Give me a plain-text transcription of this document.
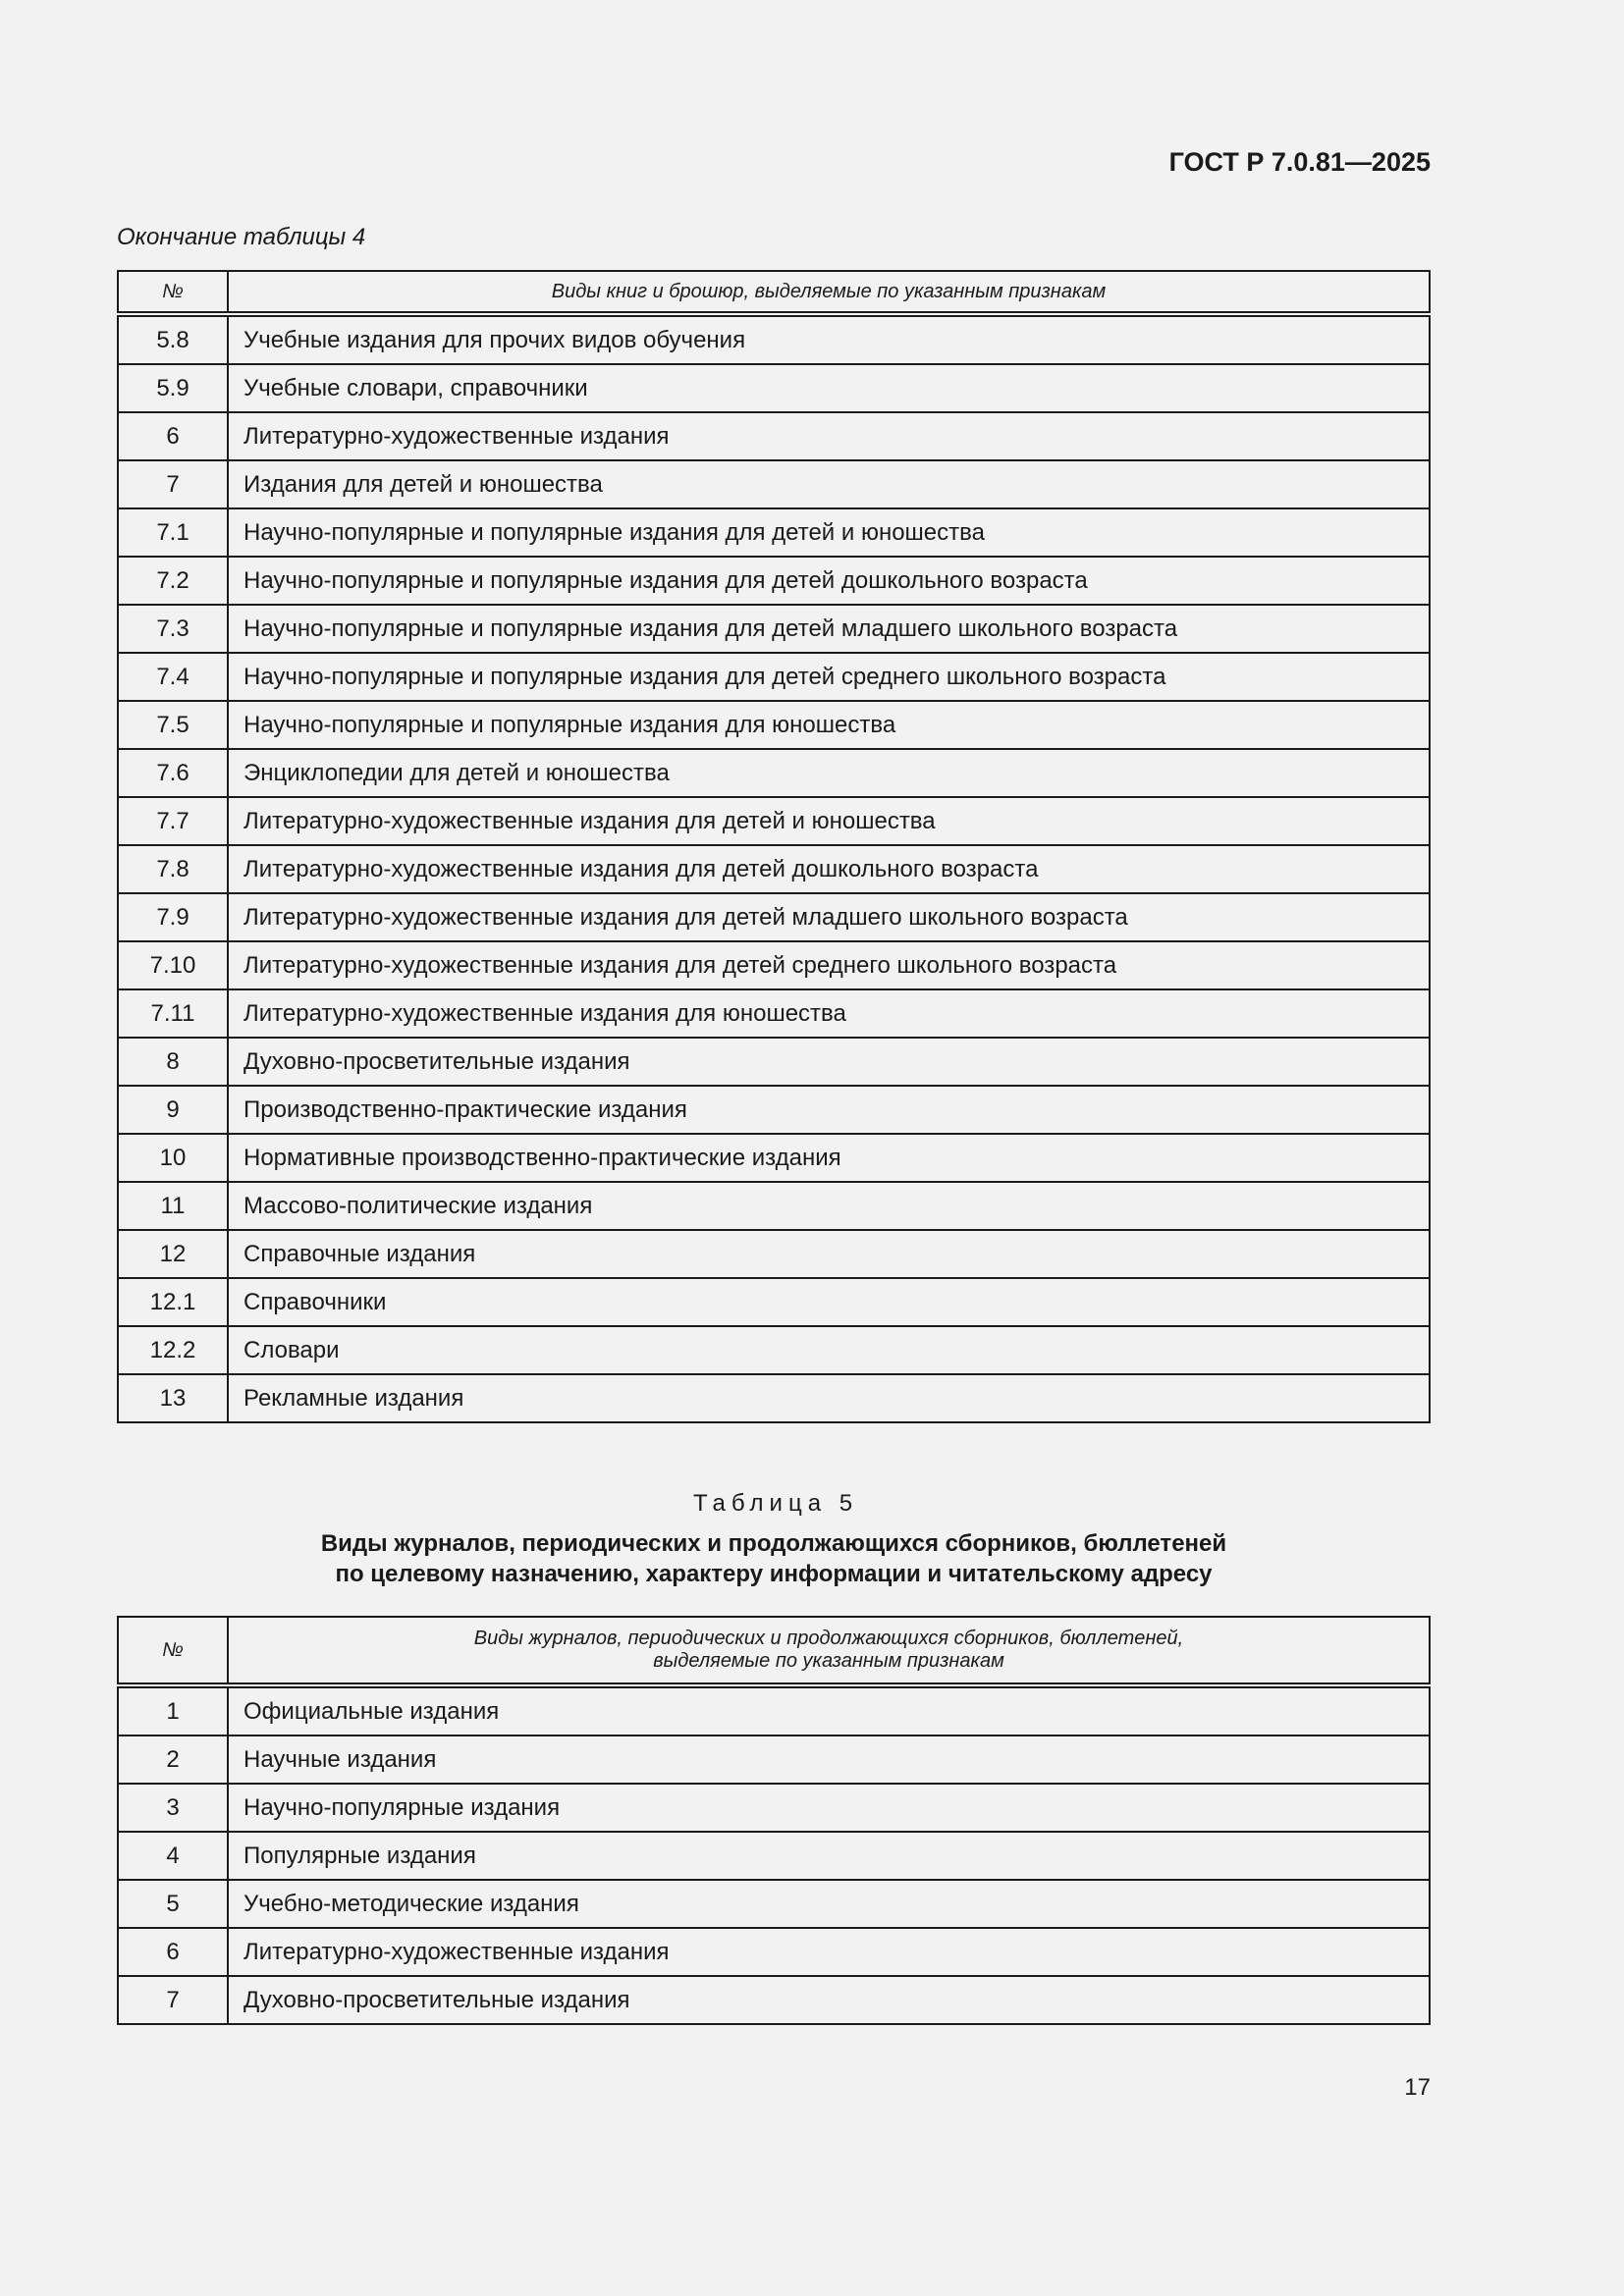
ГОСТ Р 7.0.81—2025
Окончание таблицы 4
№	Виды книг и брошюр, выделяемые по указанным признакам
5.8	Учебные издания для прочих видов обучения
5.9	Учебные словари, справочники
6	Литературно-художественные издания
7	Издания для детей и юношества
7.1	Научно-популярные и популярные издания для детей и юношества
7.2	Научно-популярные и популярные издания для детей дошкольного возраста
7.3	Научно-популярные и популярные издания для детей младшего школьного возраста
7.4	Научно-популярные и популярные издания для детей среднего школьного возраста
7.5	Научно-популярные и популярные издания для юношества
7.6	Энциклопедии для детей и юношества
7.7	Литературно-художественные издания для детей и юношества
7.8	Литературно-художественные издания для детей дошкольного возраста
7.9	Литературно-художественные издания для детей младшего школьного возраста
7.10	Литературно-художественные издания для детей среднего школьного возраста
7.11	Литературно-художественные издания для юношества
8	Духовно-просветительные издания
9	Производственно-практические издания
10	Нормативные производственно-практические издания
11	Массово-политические издания
12	Справочные издания
12.1	Справочники
12.2	Словари
13	Рекламные издания
Таблица 5
Виды журналов, периодических и продолжающихся сборников, бюллетеней
по целевому назначению, характеру информации и читательскому адресу
№	Виды журналов, периодических и продолжающихся сборников, бюллетеней,
выделяемые по указанным признакам

1	Официальные издания
2	Научные издания
3	Научно-популярные издания
4	Популярные издания
5	Учебно-методические издания
6	Литературно-художественные издания
7	Духовно-просветительные издания
17
